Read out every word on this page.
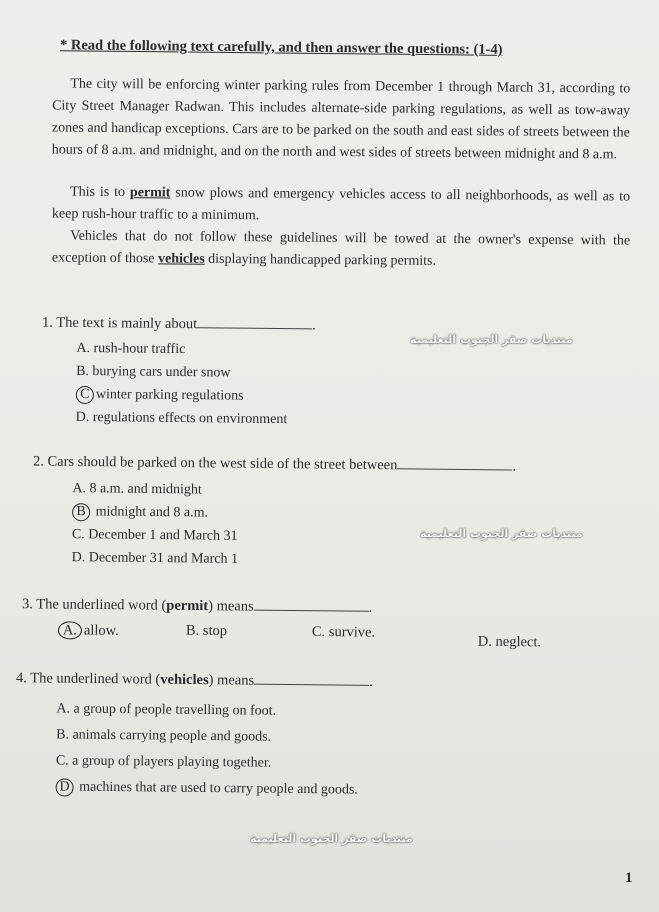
* Read the following text carefully, and then answer the questions: (1-4)
The city will be enforcing winter parking rules from December 1 through March 31, according to City Street Manager Radwan. This includes alternate-side parking regulations, as well as tow-away zones and handicap exceptions. Cars are to be parked on the south and east sides of streets between the hours of 8 a.m. and midnight, and on the north and west sides of streets between midnight and 8 a.m.
This is to permit snow plows and emergency vehicles access to all neighborhoods, as well as to keep rush-hour traffic to a minimum.
Vehicles that do not follow these guidelines will be towed at the owner's expense with the exception of those vehicles displaying handicapped parking permits.
1. The text is mainly about	.
A. rush-hour traffic
B. burying cars under snow
C winter parking regulations
D. regulations effects on environment
منتديات صقر الجنوب التعليمية
2. Cars should be parked on the west side of the street between	.
A. 8 a.m. and midnight
B midnight and 8 a.m.
C. December 1 and March 31
D. December 31 and March 1
منتديات صقر الجنوب التعليمية
3. The underlined word (permit) means	.
A. allow.	B. stop	C. survive.
D. neglect.
4. The underlined word (vehicles) means	.
A. a group of people travelling on foot.
B. animals carrying people and goods.
C. a group of players playing together.
D machines that are used to carry people and goods.
منتديات صقر الجنوب التعليمية
1
